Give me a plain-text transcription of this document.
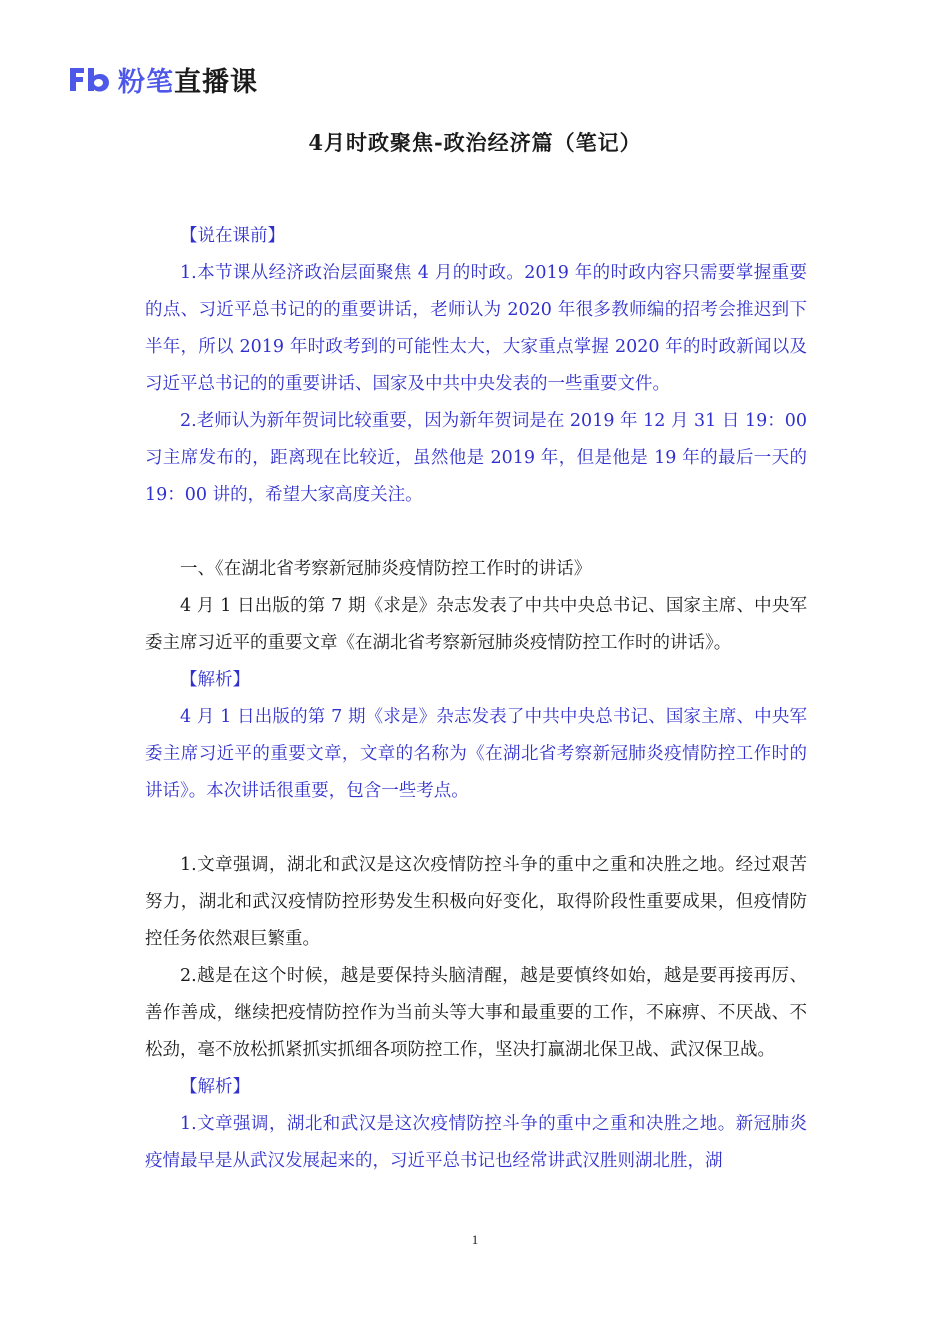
粉笔直播课
4月时政聚焦-政治经济篇（笔记）

【说在课前】

1.本节课从经济政治层面聚焦 4 月的时政。2019 年的时政内容只需要掌握重要的点、习近平总书记的的重要讲话，老师认为 2020 年很多教师编的招考会推迟到下半年，所以 2019 年时政考到的可能性太大，大家重点掌握 2020 年的时政新闻以及习近平总书记的的重要讲话、国家及中共中央发表的一些重要文件。

2.老师认为新年贺词比较重要，因为新年贺词是在 2019 年 12 月 31 日 19：00 习主席发布的，距离现在比较近，虽然他是 2019 年，但是他是 19 年的最后一天的 19：00 讲的，希望大家高度关注。

一、《在湖北省考察新冠肺炎疫情防控工作时的讲话》

4 月 1 日出版的第 7 期《求是》杂志发表了中共中央总书记、国家主席、中央军委主席习近平的重要文章《在湖北省考察新冠肺炎疫情防控工作时的讲话》。

【解析】

4 月 1 日出版的第 7 期《求是》杂志发表了中共中央总书记、国家主席、中央军委主席习近平的重要文章，文章的名称为《在湖北省考察新冠肺炎疫情防控工作时的讲话》。本次讲话很重要，包含一些考点。

1.文章强调，湖北和武汉是这次疫情防控斗争的重中之重和决胜之地。经过艰苦努力，湖北和武汉疫情防控形势发生积极向好变化，取得阶段性重要成果，但疫情防控任务依然艰巨繁重。

2.越是在这个时候，越是要保持头脑清醒，越是要慎终如始，越是要再接再厉、善作善成，继续把疫情防控作为当前头等大事和最重要的工作，不麻痹、不厌战、不松劲，毫不放松抓紧抓实抓细各项防控工作，坚决打赢湖北保卫战、武汉保卫战。

【解析】

1.文章强调，湖北和武汉是这次疫情防控斗争的重中之重和决胜之地。新冠肺炎疫情最早是从武汉发展起来的，习近平总书记也经常讲武汉胜则湖北胜，湖

1
